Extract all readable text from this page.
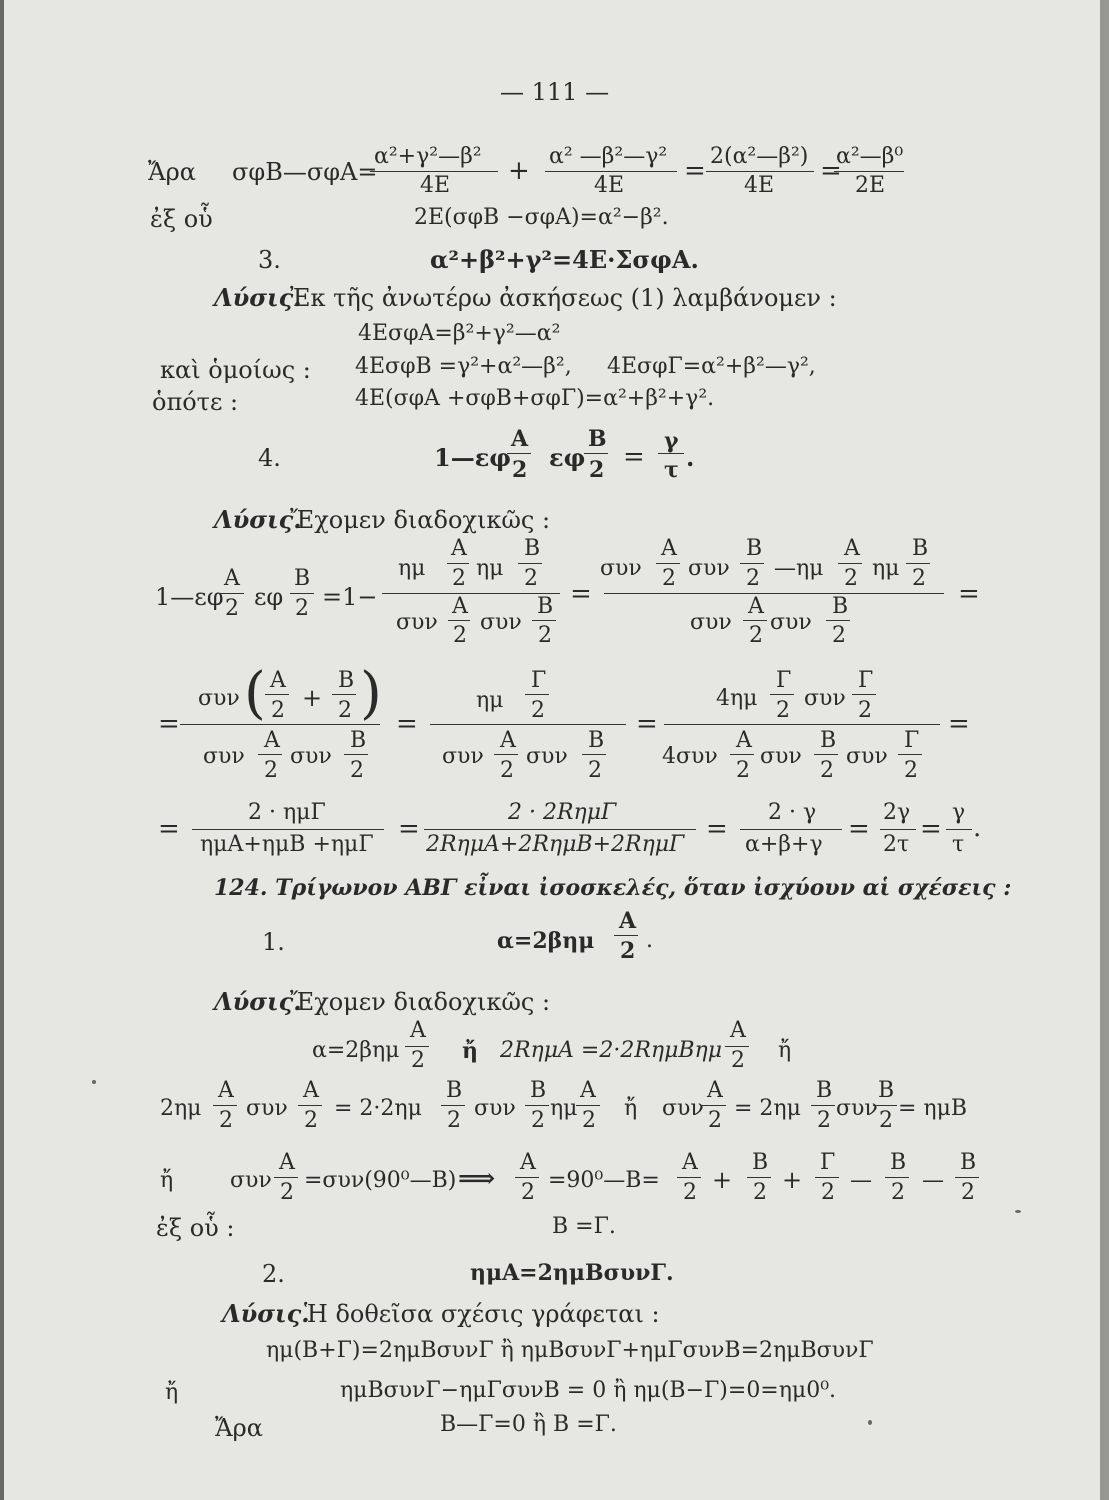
— 111 —
Ἄρα σφΒ—σφΑ=
α²+γ²—β²
4Ε + α² —β²—γ²
4Ε = 2(α²—β²)
4Ε =
α²—β⁰
2Ε
ἐξ οὗ	2Ε(σφΒ −σφΑ)=α²−β².
3.	α²+β²+γ²=4Ε·ΣσφΑ.
Λύσις.
Ἐκ τῆς ἀνωτέρω ἀσκήσεως (1) λαμβάνομεν :
4ΕσφΑ=β²+γ²—α²
καὶ ὁμοίως : 4ΕσφΒ =γ²+α²—β², 4ΕσφΓ=α²+β²—γ²,
ὁπότε :	4Ε(σφΑ +σφΒ+σφΓ)=α²+β²+γ².
4.	1—εφ
Α
2 εφ
Β
2 =
γ
τ .
Λύσις.
Ἔχομεν διαδοχικῶς :
1—εφ
Α
2 εφ
Β
2 =1−
ημ
Α
2 ημ
Β
2
συν
Α
2
συν
Β
2
=
συν
Α
2 συν
Β
2 —ημ
Α
2 ημ
Β
2
συν
Α
2
συν
Β
2
=
=
συν ( Α
2 +
Β
2 )
συν
Α
2
συν
Β
2
=
ημ
Γ
2
συν
Α
2
συν
Β
2
=
4ημ
Γ
2 συν
Γ
2
4συν
Α
2
συν
Β
2
συν
Γ
2
=
=
2 · ημΓ
ημΑ+ημΒ +ημΓ
=
2 · 2RημΓ
2RημΑ+2RημΒ+2RημΓ
=
2 · γ
α+β+γ
=
2γ
2τ
=
γ
τ
.
124. Τρίγωνον ΑΒΓ εἶναι ἰσοσκελές, ὅταν ἰσχύουν αἱ σχέσεις :
1.	α=2βημ
Α
2 .
Λύσις.
Ἔχομεν διαδοχικῶς :
α=2βημ
Α
2 ἤ 2RημΑ =2·2RημΒημ
Α
2 ἤ
2ημ
Α
2 συν
Α
2 = 2·2ημ
Β
2 συν
Β
2 ημ
Α
2 ἤ συν
Α
2 = 2ημ
Β
2 συν
Β
2 = ημΒ
ἤ	συν
Α
2 =συν(90⁰—Β) ⟹
Α
2 =90⁰—Β=
Α
2 +
Β
2 +
Γ
2 —
Β
2 —
Β
2
ἐξ οὗ :	Β =Γ.
2.	ημΑ=2ημΒσυνΓ.
Λύσις.
Ἡ δοθεῖσα σχέσις γράφεται :
ημ(Β+Γ)=2ημΒσυνΓ ἢ ημΒσυνΓ+ημΓσυνΒ=2ημΒσυνΓ
ἤ	ημΒσυνΓ−ημΓσυνΒ = 0 ἢ ημ(Β−Γ)=0=ημ0⁰.
Ἄρα	Β—Γ=0 ἢ Β =Γ.
